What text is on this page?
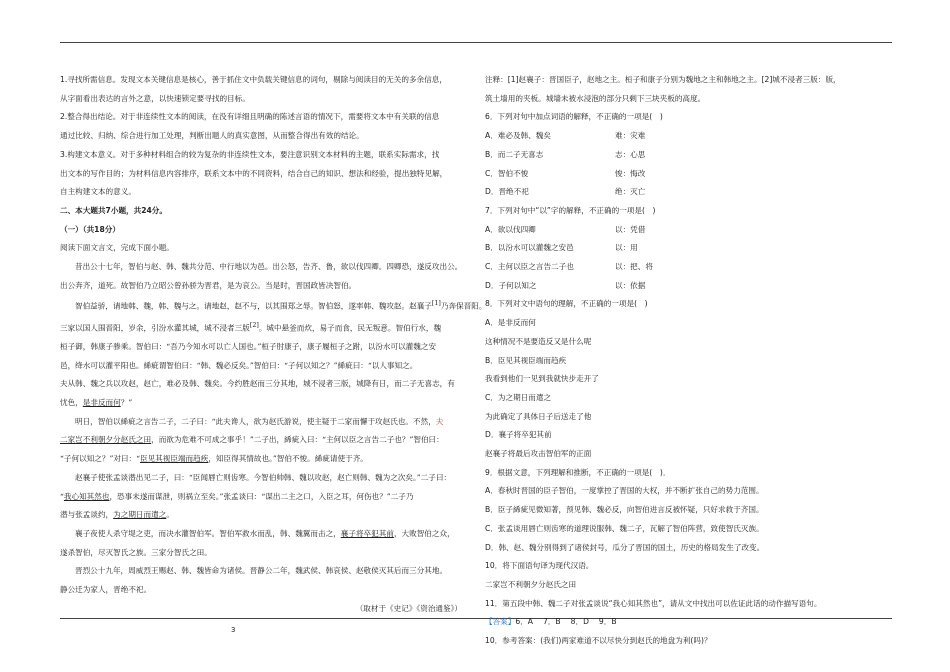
1.寻找所需信息。发现文本关键信息是核心，善于抓住文中负载关键信息的词句，剔除与阅读目的无关的多余信息，

从字面看出表达的言外之意，以快速锁定要寻找的目标。

2.整合得出结论。对于非连续性文本的阅读，在没有详细且明确的陈述言语的情况下，需要将文本中有关联的信息

通过比较、归纳、综合进行加工处理，判断出题人的真实意图，从而整合得出有效的结论。

3.构建文本意义。对于多种材料组合的较为复杂的非连续性文本，要注意识别文本材料的主题，联系实际需求，找

出文本的写作目的；为材料信息内容排序，联系文本中的不同资料，结合自己的知识、想法和经验，提出独特见解，

自主构建文本的意义。

二、本大题共7小题，共24分。

（一）（共18分）

阅读下面文言文，完成下面小题。

昔出公十七年，智伯与赵、韩、魏共分范、中行地以为邑。出公怒，告齐、鲁，欲以伐四卿。四卿恐，遂反攻出公。

出公奔齐，道死。故智伯乃立昭公曾孙骄为晋君，是为哀公。当是时，晋国政皆决智伯。

智伯益骄，请地韩、魏，韩、魏与之。请地赵，赵不与，以其围郑之辱。智伯怒，遂率韩、魏攻赵。赵襄子[1]乃奔保晋阳。

三家以国人围晋阳，岁余，引汾水灌其城，城不浸者三版[2]。城中悬釜而炊，易子而食，民无叛意。智伯行水，魏

桓子御，韩康子骖乘。智伯曰：“吾乃今知水可以亡人国也。”桓子肘康子，康子履桓子之跗，以汾水可以灌魏之安

邑，绛水可以灌平阳也。絺疵谓智伯曰：“韩、魏必反矣。”智伯曰：“子何以知之？”絺疵曰：“以人事知之。

夫从韩、魏之兵以攻赵，赵亡，难必及韩、魏矣。今约胜赵而三分其地，城不浸者三版，城降有日，而二子无喜志，有

忧色，是非反而何？”

明日，智伯以絺疵之言告二子，二子曰：“此夫谗人，欲为赵氏游说，使主疑于二家而懈于攻赵氏也。不然，夫

二家岂不利朝夕分赵氏之田，而欲为危难不可成之事乎！”二子出，絺疵入曰：“主何以臣之言告二子也？”智伯曰：

“子何以知之？”对曰：“臣见其视臣端而趋疾，知臣得其情故也。”智伯不悛。絺疵请使于齐。

赵襄子使张孟谈潜出见二子，曰：“臣闻唇亡则齿寒。今智伯帅韩、魏以攻赵，赵亡则韩、魏为之次矣。”二子曰：

“我心知其然也，恐事未遂而谋泄，则祸立至矣。”张孟谈曰：“谋出二主之口，入臣之耳，何伤也？”二子乃

潜与张孟谈约，为之期日而遣之。

襄子夜使人杀守堤之吏，而决水灌智伯军。智伯军救水而乱，韩、魏翼而击之，襄子将卒犯其前，大败智伯之众，

遂杀智伯，尽灭智氏之族。三家分智氏之田。

晋烈公十九年，周威烈王赐赵、韩、魏皆命为诸侯。晋静公二年，魏武侯、韩哀侯、赵敬侯灭其后而三分其地。

静公迁为家人，晋绝不祀。

（取材于《史记》《资治通鉴》）

注释：[1]赵襄子：晋国臣子，赵地之主。桓子和康子分别为魏地之主和韩地之主。[2]城不浸者三版：版，

筑土墙用的夹板。城墙未被水浸泡的部分只剩下三块夹板的高度。

6．下列对句中加点词语的解释，不正确的一项是(　)

A．难必及韩、魏矣	难：灾难
B．而二子无喜志	志：心思
C．智伯不悛	悛：悔改
D．晋绝不祀	绝：灭亡

7．下列对句中“以”字的解释，不正确的一项是(　)

A．欲以伐四卿	以：凭借
B．以汾水可以灌魏之安邑	以：用
C．主何以臣之言告二子也	以：把、将
D．子何以知之	以：依据

8．下列对文中语句的理解，不正确的一项是(　)

A．是非反而何

这种情况不是要造反又是什么呢

B．臣见其视臣端而趋疾

我看到他们一见到我就快步走开了

C．为之期日而遣之

为此确定了具体日子后送走了他

D．襄子将卒犯其前

赵襄子将最后攻击智伯军的正面

9．根据文意，下列理解和推断，不正确的一项是(　)．

A．春秋时晋国的臣子智伯，一度掌控了晋国的大权，并不断扩张自己的势力范围。

B．臣子絺疵见微知著，预见韩、魏必反，向智伯进言反被怀疑，只好求救于齐国。

C．张孟谈用唇亡则齿寒的道理说服韩、魏二子，瓦解了智伯阵营，致使智氏灭族。

D．韩、赵、魏分别得到了诸侯封号，瓜分了晋国的国土，历史的格局发生了改变。

10．将下面语句译为现代汉语。

二家岂不利朝夕分赵氏之田

11．第五段中韩、魏二子对张孟谈说“我心知其然也”，请从文中找出可以佐证此话的动作描写语句。

【答案】6．A　 7．B　 8．D　 9．B

10．参考答案：(我们)两家难道不以尽快分到赵氏的地盘为利(吗)？

3
